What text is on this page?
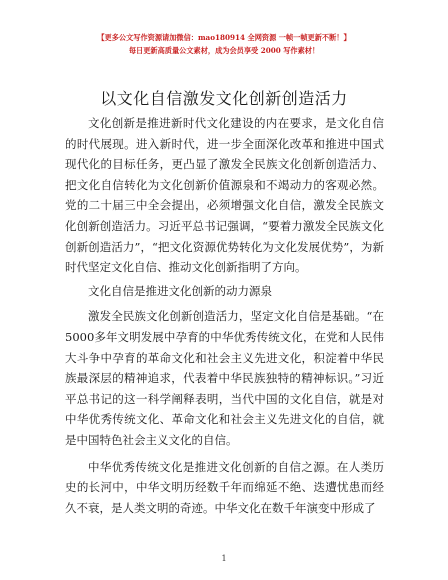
【更多公文写作资源请加微信：mao180914 全网资源 一帧一帧更新不断！】
每日更新高质量公文素材，成为会员享受 2000 写作素材！
以文化自信激发文化创新创造活力

文化创新是推进新时代文化建设的内在要求，是文化自信的时代展现。进入新时代，进一步全面深化改革和推进中国式现代化的目标任务，更凸显了激发全民族文化创新创造活力、把文化自信转化为文化创新价值源泉和不竭动力的客观必然。党的二十届三中全会提出，必须增强文化自信，激发全民族文化创新创造活力。习近平总书记强调，“要着力激发全民族文化创新创造活力”，“把文化资源优势转化为文化发展优势”，为新时代坚定文化自信、推动文化创新指明了方向。

文化自信是推进文化创新的动力源泉

激发全民族文化创新创造活力，坚定文化自信是基础。“在5000多年文明发展中孕育的中华优秀传统文化，在党和人民伟大斗争中孕育的革命文化和社会主义先进文化，积淀着中华民族最深层的精神追求，代表着中华民族独特的精神标识。”习近平总书记的这一科学阐释表明，当代中国的文化自信，就是对中华优秀传统文化、革命文化和社会主义先进文化的自信，就是中国特色社会主义文化的自信。

中华优秀传统文化是推进文化创新的自信之源。在人类历史的长河中，中华文明历经数千年而绵延不绝、迭遭忧患而经久不衰，是人类文明的奇迹。中华文化在数千年演变中形成了

1
